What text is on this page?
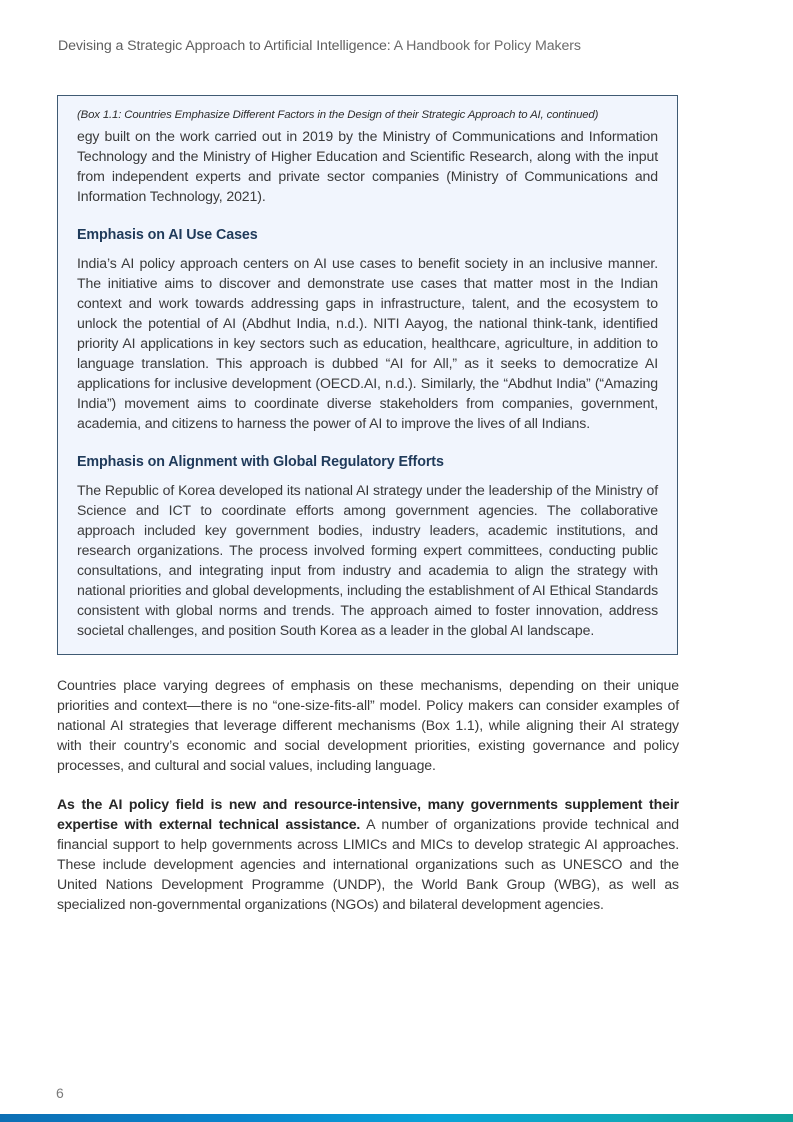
Devising a Strategic Approach to Artificial Intelligence: A Handbook for Policy Makers
(Box 1.1: Countries Emphasize Different Factors in the Design of their Strategic Approach to AI, continued)

egy built on the work carried out in 2019 by the Ministry of Communications and Information Technology and the Ministry of Higher Education and Scientific Research, along with the input from independent experts and private sector companies (Ministry of Communications and Information Technology, 2021).

Emphasis on AI Use Cases

India’s AI policy approach centers on AI use cases to benefit society in an inclusive manner. The initiative aims to discover and demonstrate use cases that matter most in the Indian context and work towards addressing gaps in infrastructure, talent, and the ecosystem to unlock the potential of AI (Abdhut India, n.d.). NITI Aayog, the national think-tank, identified priority AI applications in key sectors such as education, healthcare, agriculture, in addition to language translation. This approach is dubbed “AI for All,” as it seeks to democratize AI applications for inclusive development (OECD.AI, n.d.). Similarly, the “Abdhut India” (“Amazing India”) movement aims to coordinate diverse stakeholders from companies, government, academia, and citizens to harness the power of AI to improve the lives of all Indians.

Emphasis on Alignment with Global Regulatory Efforts

The Republic of Korea developed its national AI strategy under the leadership of the Ministry of Science and ICT to coordinate efforts among government agencies. The collaborative approach included key government bodies, industry leaders, academic institutions, and research organizations. The process involved forming expert committees, conducting public consultations, and integrating input from industry and academia to align the strategy with national priorities and global developments, including the establishment of AI Ethical Standards consistent with global norms and trends. The approach aimed to foster innovation, address societal challenges, and position South Korea as a leader in the global AI landscape.

Countries place varying degrees of emphasis on these mechanisms, depending on their unique priorities and context—there is no “one-size-fits-all” model. Policy makers can consider examples of national AI strategies that leverage different mechanisms (Box 1.1), while aligning their AI strategy with their country’s economic and social development priorities, existing governance and policy processes, and cultural and social values, including language.

As the AI policy field is new and resource-intensive, many governments supplement their expertise with external technical assistance. A number of organizations provide technical and financial support to help governments across LIMICs and MICs to develop strategic AI approaches. These include development agencies and international organizations such as UNESCO and the United Nations Development Programme (UNDP), the World Bank Group (WBG), as well as specialized non-governmental organizations (NGOs) and bilateral development agencies.

6
